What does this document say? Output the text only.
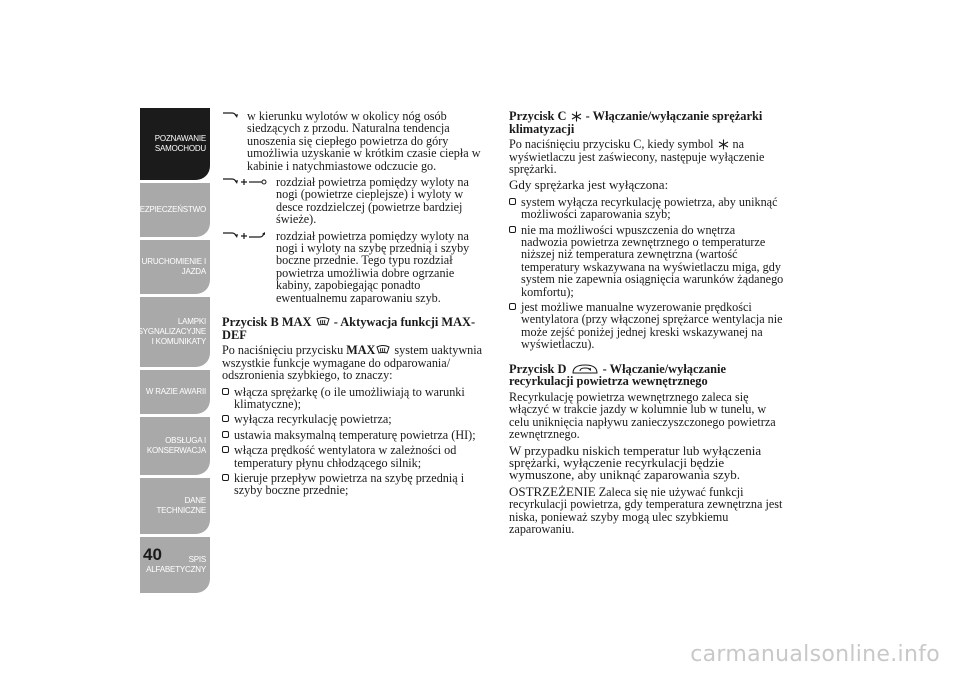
POZNAWANIE
SAMOCHODU
BEZPIECZEŃSTWO
URUCHOMIENIE I
JAZDA
LAMPKI
SYGNALIZACYJNE
I KOMUNIKATY
W RAZIE AWARII
OBSŁUGA I
KONSERWACJA
DANE
TECHNICZNE
SPIS
ALFABETYCZNY
40
w kierunku wylotów w okolicy nóg osób siedzących z przodu. Naturalna tendencja unoszenia się ciepłego powietrza do góry umożliwia uzyskanie w krótkim czasie ciepła w kabinie i natychmiastowe odczucie go.
rozdział powietrza pomiędzy wyloty na nogi (powietrze cieplejsze) i wyloty w desce rozdzielczej (powietrze bardziej świeże).
rozdział powietrza pomiędzy wyloty na nogi i wyloty na szybę przednią i szyby boczne przednie. Tego typu rozdział powietrza umożliwia dobre ogrzanie kabiny, zapobiegając ponadto ewentualnemu zaparowaniu szyb.
Przycisk B MAX  - Aktywacja funkcji MAX-DEF

Po naciśnięciu przycisku MAX system uaktywnia wszystkie funkcje wymagane do odparowania/ odszronienia szybkiego, to znaczy:

włącza sprężarkę (o ile umożliwiają to warunki klimatyczne);
wyłącza recyrkulację powietrza;
ustawia maksymalną temperaturę powietrza (HI);
włącza prędkość wentylatora w zależności od temperatury płynu chłodzącego silnik;
kieruje przepływ powietrza na szybę przednią i szyby boczne przednie;
Przycisk C  - Włączanie/wyłączanie sprężarki klimatyzacji

Po naciśnięciu przycisku C, kiedy symbol na wyświetlaczu jest zaświecony, następuje wyłączenie sprężarki.

Gdy sprężarka jest wyłączona:

system wyłącza recyrkulację powietrza, aby uniknąć możliwości zaparowania szyb;
nie ma możliwości wpuszczenia do wnętrza nadwozia powietrza zewnętrznego o temperaturze niższej niż temperatura zewnętrzna (wartość temperatury wskazywana na wyświetlaczu miga, gdy system nie zapewnia osiągnięcia warunków żądanego komfortu);
jest możliwe manualne wyzerowanie prędkości wentylatora (przy włączonej sprężarce wentylacja nie może zejść poniżej jednej kreski wskazywanej na wyświetlaczu).
Przycisk D	- Włączanie/wyłączanie recyrkulacji powietrza wewnętrznego

Recyrkulację powietrza wewnętrznego zaleca się włączyć w trakcie jazdy w kolumnie lub w tunelu, w celu uniknięcia napływu zanieczyszczonego powietrza zewnętrznego.

W przypadku niskich temperatur lub wyłączenia sprężarki, wyłączenie recyrkulacji będzie wymuszone, aby uniknąć zaparowania szyb.

OSTRZEŻENIE Zaleca się nie używać funkcji recyrkulacji powietrza, gdy temperatura zewnętrzna jest niska, ponieważ szyby mogą ulec szybkiemu zaparowaniu.

carmanualsonline.info
